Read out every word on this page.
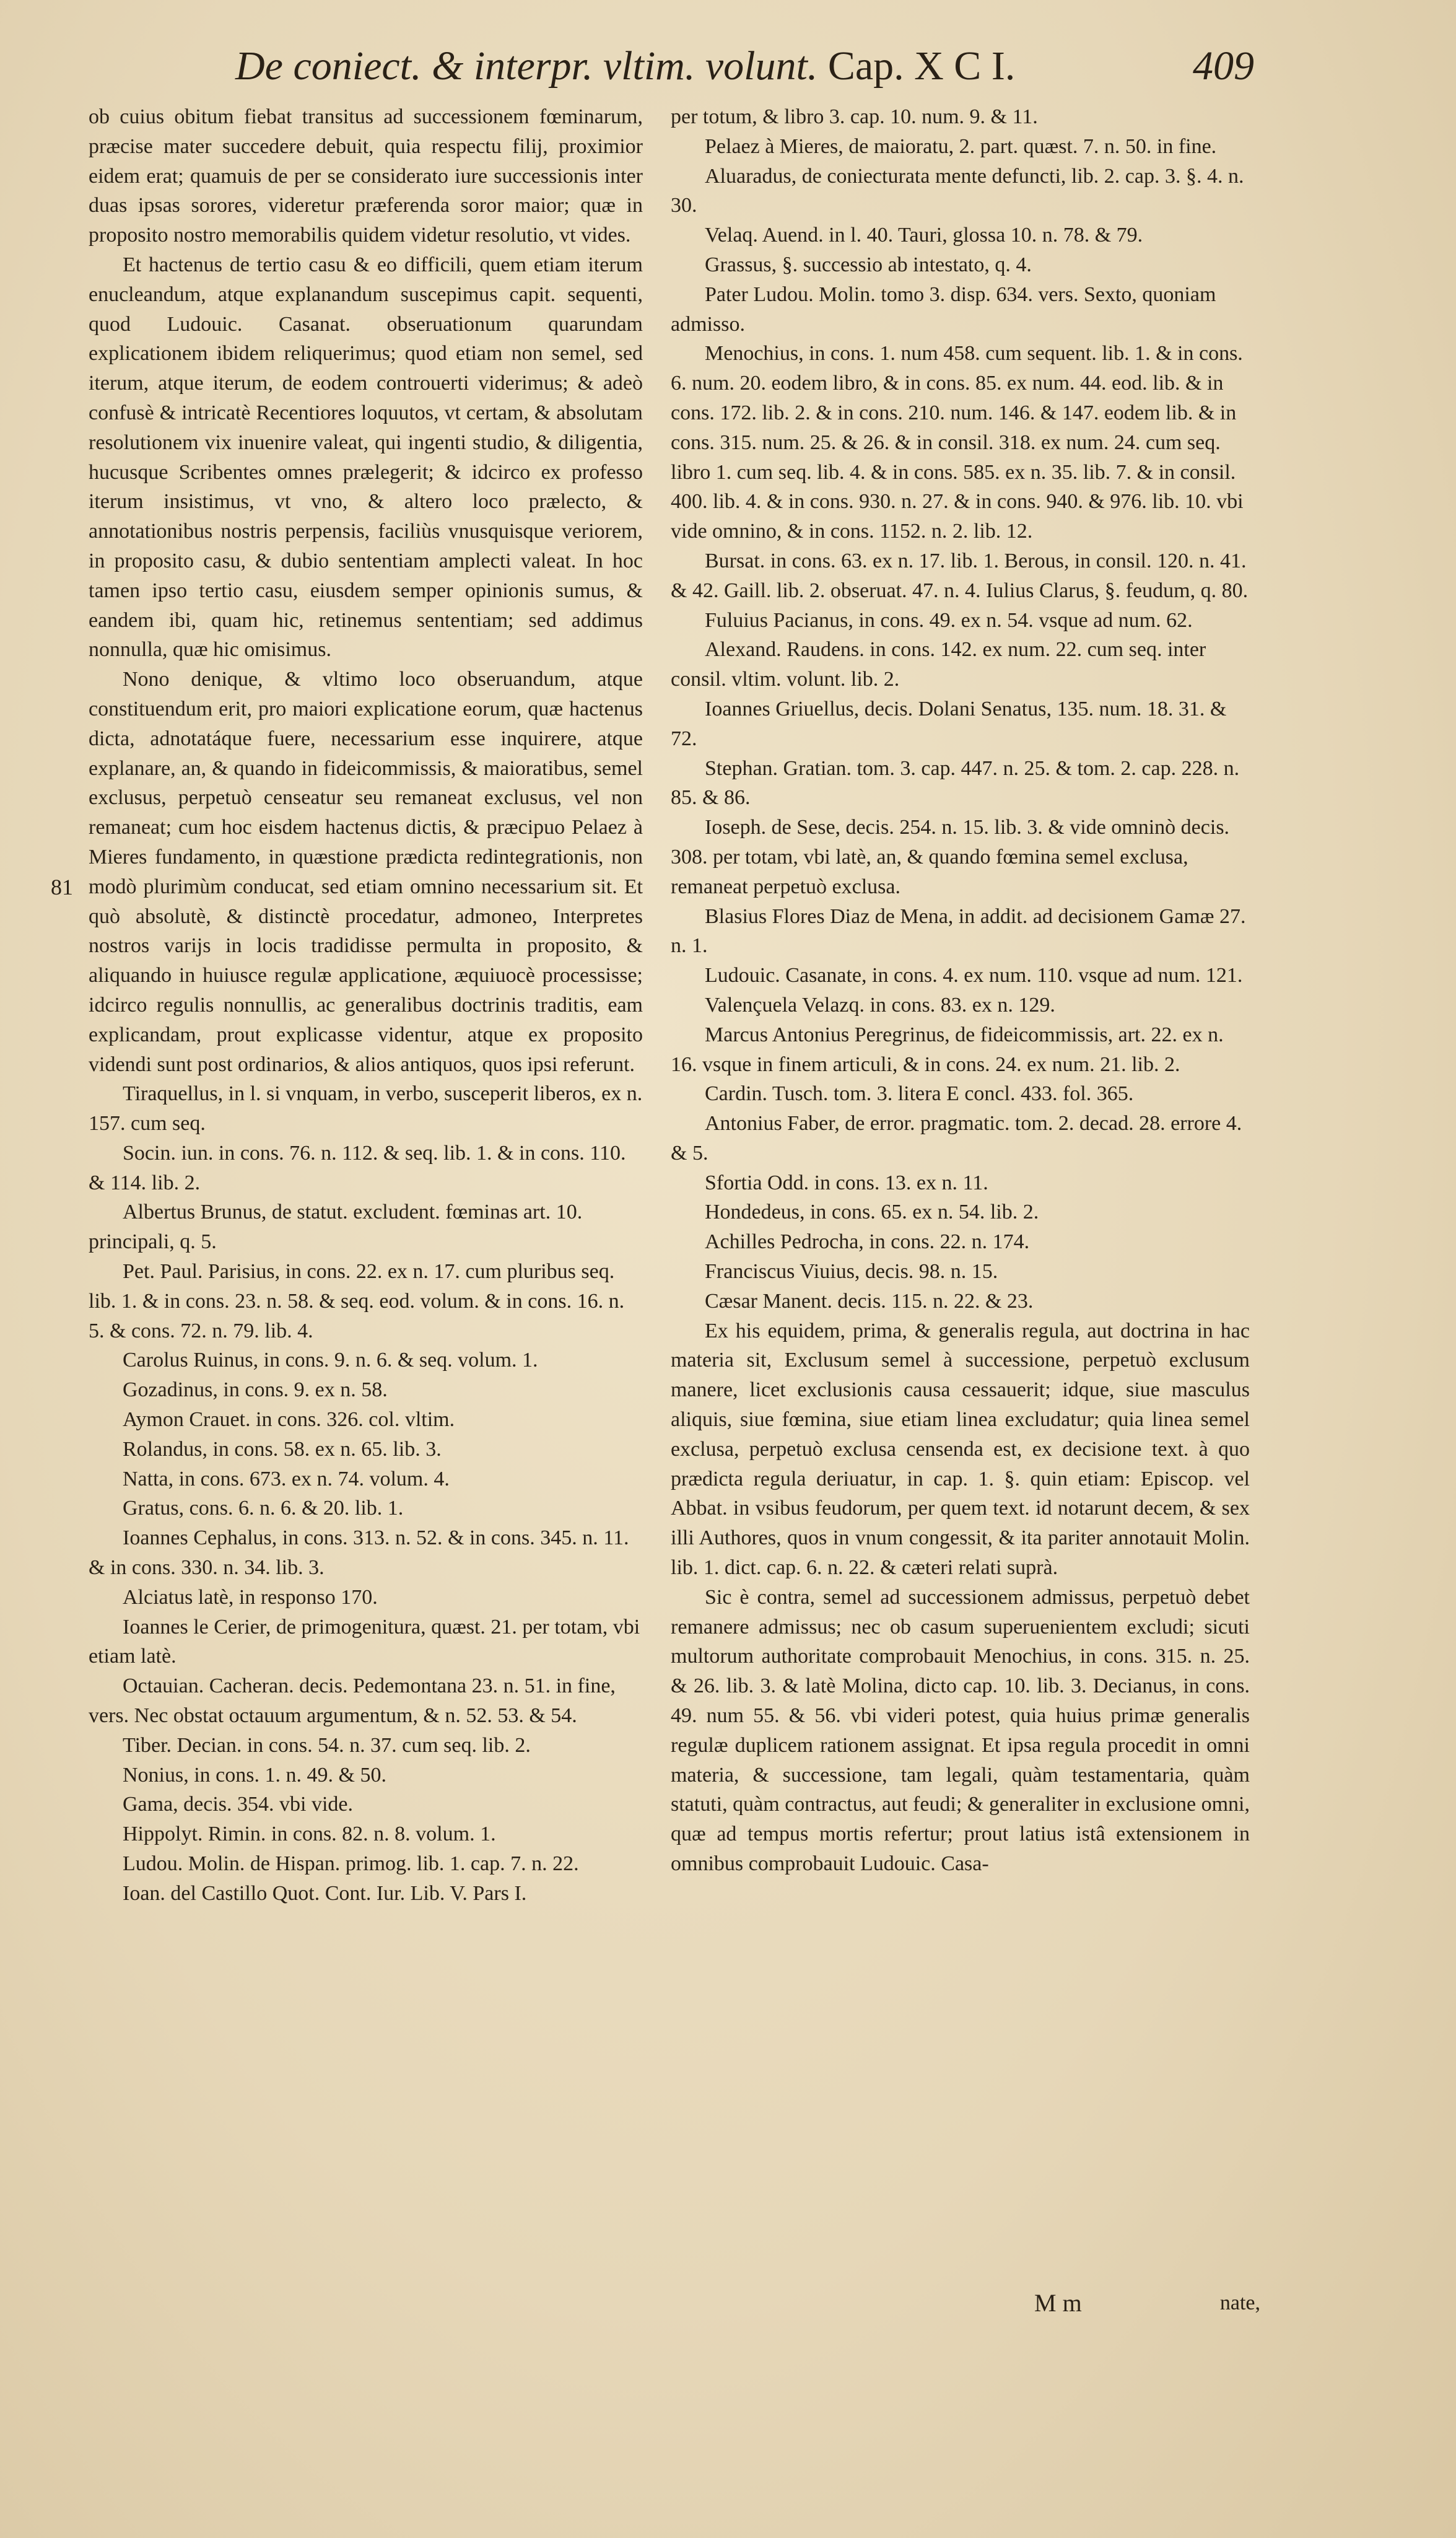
De coniect. & interpr. vltim. volunt. Cap. X C I.	409
81

ob cuius obitum fiebat transitus ad successionem fœminarum, præcise mater succedere debuit, quia respectu filij, proximior eidem erat; quamuis de per se considerato iure successionis inter duas ipsas sorores, videretur præferenda soror maior; quæ in proposito nostro memorabilis quidem videtur resolutio, vt vides.

Et hactenus de tertio casu & eo difficili, quem etiam iterum enucleandum, atque explanandum suscepimus capit. sequenti, quod Ludouic. Casanat. obseruationum quarundam explicationem ibidem reliquerimus; quod etiam non semel, sed iterum, atque iterum, de eodem controuerti viderimus; & adeò confusè & intricatè Recentiores loquutos, vt certam, & absolutam resolutionem vix inuenire valeat, qui ingenti studio, & diligentia, hucusque Scribentes omnes prælegerit; & idcirco ex professo iterum insistimus, vt vno, & altero loco prælecto, & annotationibus nostris perpensis, faciliùs vnusquisque veriorem, in proposito casu, & dubio sententiam amplecti valeat. In hoc tamen ipso tertio casu, eiusdem semper opinionis sumus, & eandem ibi, quam hic, retinemus sententiam; sed addimus nonnulla, quæ hic omisimus.

Nono denique, & vltimo loco obseruandum, atque constituendum erit, pro maiori explicatione eorum, quæ hactenus dicta, adnotatáque fuere, necessarium esse inquirere, atque explanare, an, & quando in fideicommissis, & maioratibus, semel exclusus, perpetuò censeatur seu remaneat exclusus, vel non remaneat; cum hoc eisdem hactenus dictis, & præcipuo Pelaez à Mieres fundamento, in quæstione prædicta redintegrationis, non modò plurimùm conducat, sed etiam omnino necessarium sit. Et quò absolutè, & distinctè procedatur, admoneo, Interpretes nostros varijs in locis tradidisse permulta in proposito, & aliquando in huiusce regulæ applicatione, æquiuocè processisse; idcirco regulis nonnullis, ac generalibus doctrinis traditis, eam explicandam, prout explicasse videntur, atque ex proposito videndi sunt post ordinarios, & alios antiquos, quos ipsi referunt.

Tiraquellus, in l. si vnquam, in verbo, susceperit liberos, ex n. 157. cum seq.

Socin. iun. in cons. 76. n. 112. & seq. lib. 1. & in cons. 110. & 114. lib. 2.

Albertus Brunus, de statut. excludent. fœminas art. 10. principali, q. 5.

Pet. Paul. Parisius, in cons. 22. ex n. 17. cum pluribus seq. lib. 1. & in cons. 23. n. 58. & seq. eod. volum. & in cons. 16. n. 5. & cons. 72. n. 79. lib. 4.

Carolus Ruinus, in cons. 9. n. 6. & seq. volum. 1.

Gozadinus, in cons. 9. ex n. 58.

Aymon Crauet. in cons. 326. col. vltim.

Rolandus, in cons. 58. ex n. 65. lib. 3.

Natta, in cons. 673. ex n. 74. volum. 4.

Gratus, cons. 6. n. 6. & 20. lib. 1.

Ioannes Cephalus, in cons. 313. n. 52. & in cons. 345. n. 11. & in cons. 330. n. 34. lib. 3.

Alciatus latè, in responso 170.

Ioannes le Cerier, de primogenitura, quæst. 21. per totam, vbi etiam latè.

Octauian. Cacheran. decis. Pedemontana 23. n. 51. in fine, vers. Nec obstat octauum argumentum, & n. 52. 53. & 54.

Tiber. Decian. in cons. 54. n. 37. cum seq. lib. 2.

Nonius, in cons. 1. n. 49. & 50.

Gama, decis. 354. vbi vide.

Hippolyt. Rimin. in cons. 82. n. 8. volum. 1.

Ludou. Molin. de Hispan. primog. lib. 1. cap. 7. n. 22.

Ioan. del Castillo Quot. Cont. Iur. Lib. V. Pars I.

per totum, & libro 3. cap. 10. num. 9. & 11.

Pelaez à Mieres, de maioratu, 2. part. quæst. 7. n. 50. in fine.

Aluaradus, de coniecturata mente defuncti, lib. 2. cap. 3. §. 4. n. 30.

Velaq. Auend. in l. 40. Tauri, glossa 10. n. 78. & 79.

Grassus, §. successio ab intestato, q. 4.

Pater Ludou. Molin. tomo 3. disp. 634. vers. Sexto, quoniam admisso.

Menochius, in cons. 1. num 458. cum sequent. lib. 1. & in cons. 6. num. 20. eodem libro, & in cons. 85. ex num. 44. eod. lib. & in cons. 172. lib. 2. & in cons. 210. num. 146. & 147. eodem lib. & in cons. 315. num. 25. & 26. & in consil. 318. ex num. 24. cum seq. libro 1. cum seq. lib. 4. & in cons. 585. ex n. 35. lib. 7. & in consil. 400. lib. 4. & in cons. 930. n. 27. & in cons. 940. & 976. lib. 10. vbi vide omnino, & in cons. 1152. n. 2. lib. 12.

Bursat. in cons. 63. ex n. 17. lib. 1. Berous, in consil. 120. n. 41. & 42. Gaill. lib. 2. obseruat. 47. n. 4. Iulius Clarus, §. feudum, q. 80.

Fuluius Pacianus, in cons. 49. ex n. 54. vsque ad num. 62.

Alexand. Raudens. in cons. 142. ex num. 22. cum seq. inter consil. vltim. volunt. lib. 2.

Ioannes Griuellus, decis. Dolani Senatus, 135. num. 18. 31. & 72.

Stephan. Gratian. tom. 3. cap. 447. n. 25. & tom. 2. cap. 228. n. 85. & 86.

Ioseph. de Sese, decis. 254. n. 15. lib. 3. & vide omninò decis. 308. per totam, vbi latè, an, & quando fœmina semel exclusa, remaneat perpetuò exclusa.

Blasius Flores Diaz de Mena, in addit. ad decisionem Gamæ 27. n. 1.

Ludouic. Casanate, in cons. 4. ex num. 110. vsque ad num. 121.

Valençuela Velazq. in cons. 83. ex n. 129.

Marcus Antonius Peregrinus, de fideicommissis, art. 22. ex n. 16. vsque in finem articuli, & in cons. 24. ex num. 21. lib. 2.

Cardin. Tusch. tom. 3. litera E concl. 433. fol. 365.

Antonius Faber, de error. pragmatic. tom. 2. decad. 28. errore 4. & 5.

Sfortia Odd. in cons. 13. ex n. 11.

Hondedeus, in cons. 65. ex n. 54. lib. 2.

Achilles Pedrocha, in cons. 22. n. 174.

Franciscus Viuius, decis. 98. n. 15.

Cæsar Manent. decis. 115. n. 22. & 23.

Ex his equidem, prima, & generalis regula, aut doctrina in hac materia sit, Exclusum semel à successione, perpetuò exclusum manere, licet exclusionis causa cessauerit; idque, siue masculus aliquis, siue fœmina, siue etiam linea excludatur; quia linea semel exclusa, perpetuò exclusa censenda est, ex decisione text. à quo prædicta regula deriuatur, in cap. 1. §. quin etiam: Episcop. vel Abbat. in vsibus feudorum, per quem text. id notarunt decem, & sex illi Authores, quos in vnum congessit, & ita pariter annotauit Molin. lib. 1. dict. cap. 6. n. 22. & cæteri relati suprà.

Sic è contra, semel ad successionem admissus, perpetuò debet remanere admissus; nec ob casum superuenientem excludi; sicuti multorum authoritate comprobauit Menochius, in cons. 315. n. 25. & 26. lib. 3. & latè Molina, dicto cap. 10. lib. 3. Decianus, in cons. 49. num 55. & 56. vbi videri potest, quia huius primæ generalis regulæ duplicem rationem assignat. Et ipsa regula procedit in omni materia, & successione, tam legali, quàm testamentaria, quàm statuti, quàm contractus, aut feudi; & generaliter in exclusione omni, quæ ad tempus mortis refertur; prout latius istâ extensionem in omnibus comprobauit Ludouic. Casa-

M m	nate,
